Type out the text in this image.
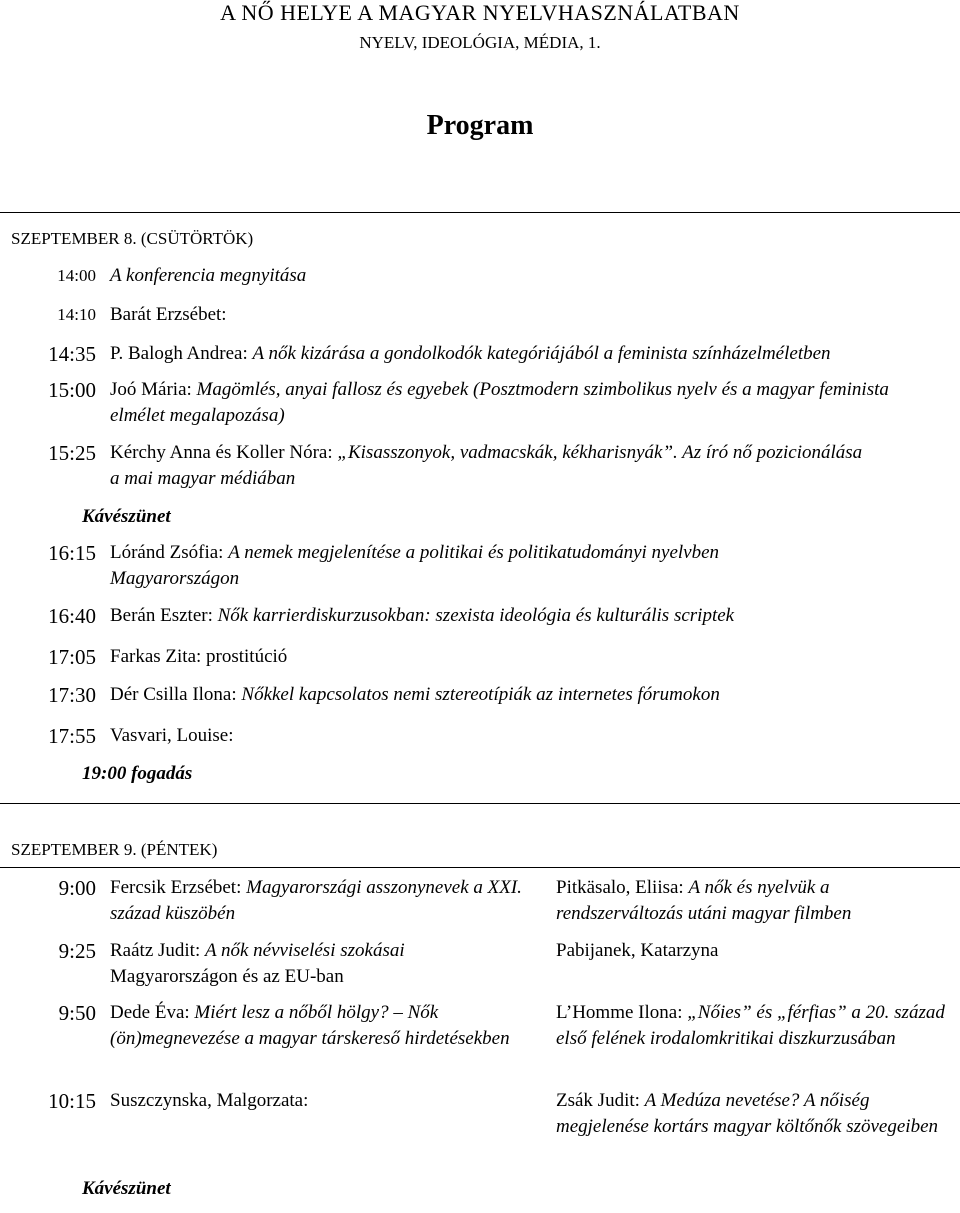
A NŐ HELYE A MAGYAR NYELVHASZNÁLATBAN
NYELV, IDEOLÓGIA, MÉDIA, 1.
Program
SZEPTEMBER 8. (CSÜTÖRTÖK)
14:00 A konferencia megnyitása
14:10 Barát Erzsébet:
14:35 P. Balogh Andrea: A nők kizárása a gondolkodók kategóriájából a feminista színházelméletben
15:00 Joó Mária: Magömlés, anyai fallosz és egyebek (Posztmodern szimbolikus nyelv és a magyar feminista elmélet megalapozása)
15:25 Kérchy Anna és Koller Nóra: „Kisasszonyok, vadmacskák, kékharisnyák”. Az író nő pozicionálása a mai magyar médiában
Kávészünet
16:15 Lóránd Zsófia: A nemek megjelenítése a politikai és politikatudományi nyelvben Magyarországon
16:40 Berán Eszter: Nők karrierdiskurzusokban: szexista ideológia és kulturális scriptek
17:05 Farkas Zita: prostitúció
17:30 Dér Csilla Ilona: Nőkkel kapcsolatos nemi sztereotípiák az internetes fórumokon
17:55 Vasvari, Louise:
19:00 fogadás
SZEPTEMBER 9. (PÉNTEK)
9:00 Fercsik Erzsébet: Magyarországi asszonynevek a XXI. század küszöbén
Pitkäsalo, Eliisa: A nők és nyelvük a rendszerváltozás utáni magyar filmben
9:25 Raátz Judit: A nők névviselési szokásai
Magyarországon és az EU-ban
Pabijanek, Katarzyna
9:50 Dede Éva: Miért lesz a nőből hölgy? – Nők (ön)megnevezése a magyar társkereső hirdetésekben
L’Homme Ilona: „Nőies” és „férfias” a 20. század első felének irodalomkritikai diszkurzusában
10:15 Suszczynska, Malgorzata:	Zsák Judit: A Medúza nevetése? A nőiség megjelenése kortárs magyar költőnők szövegeiben
Kávészünet
